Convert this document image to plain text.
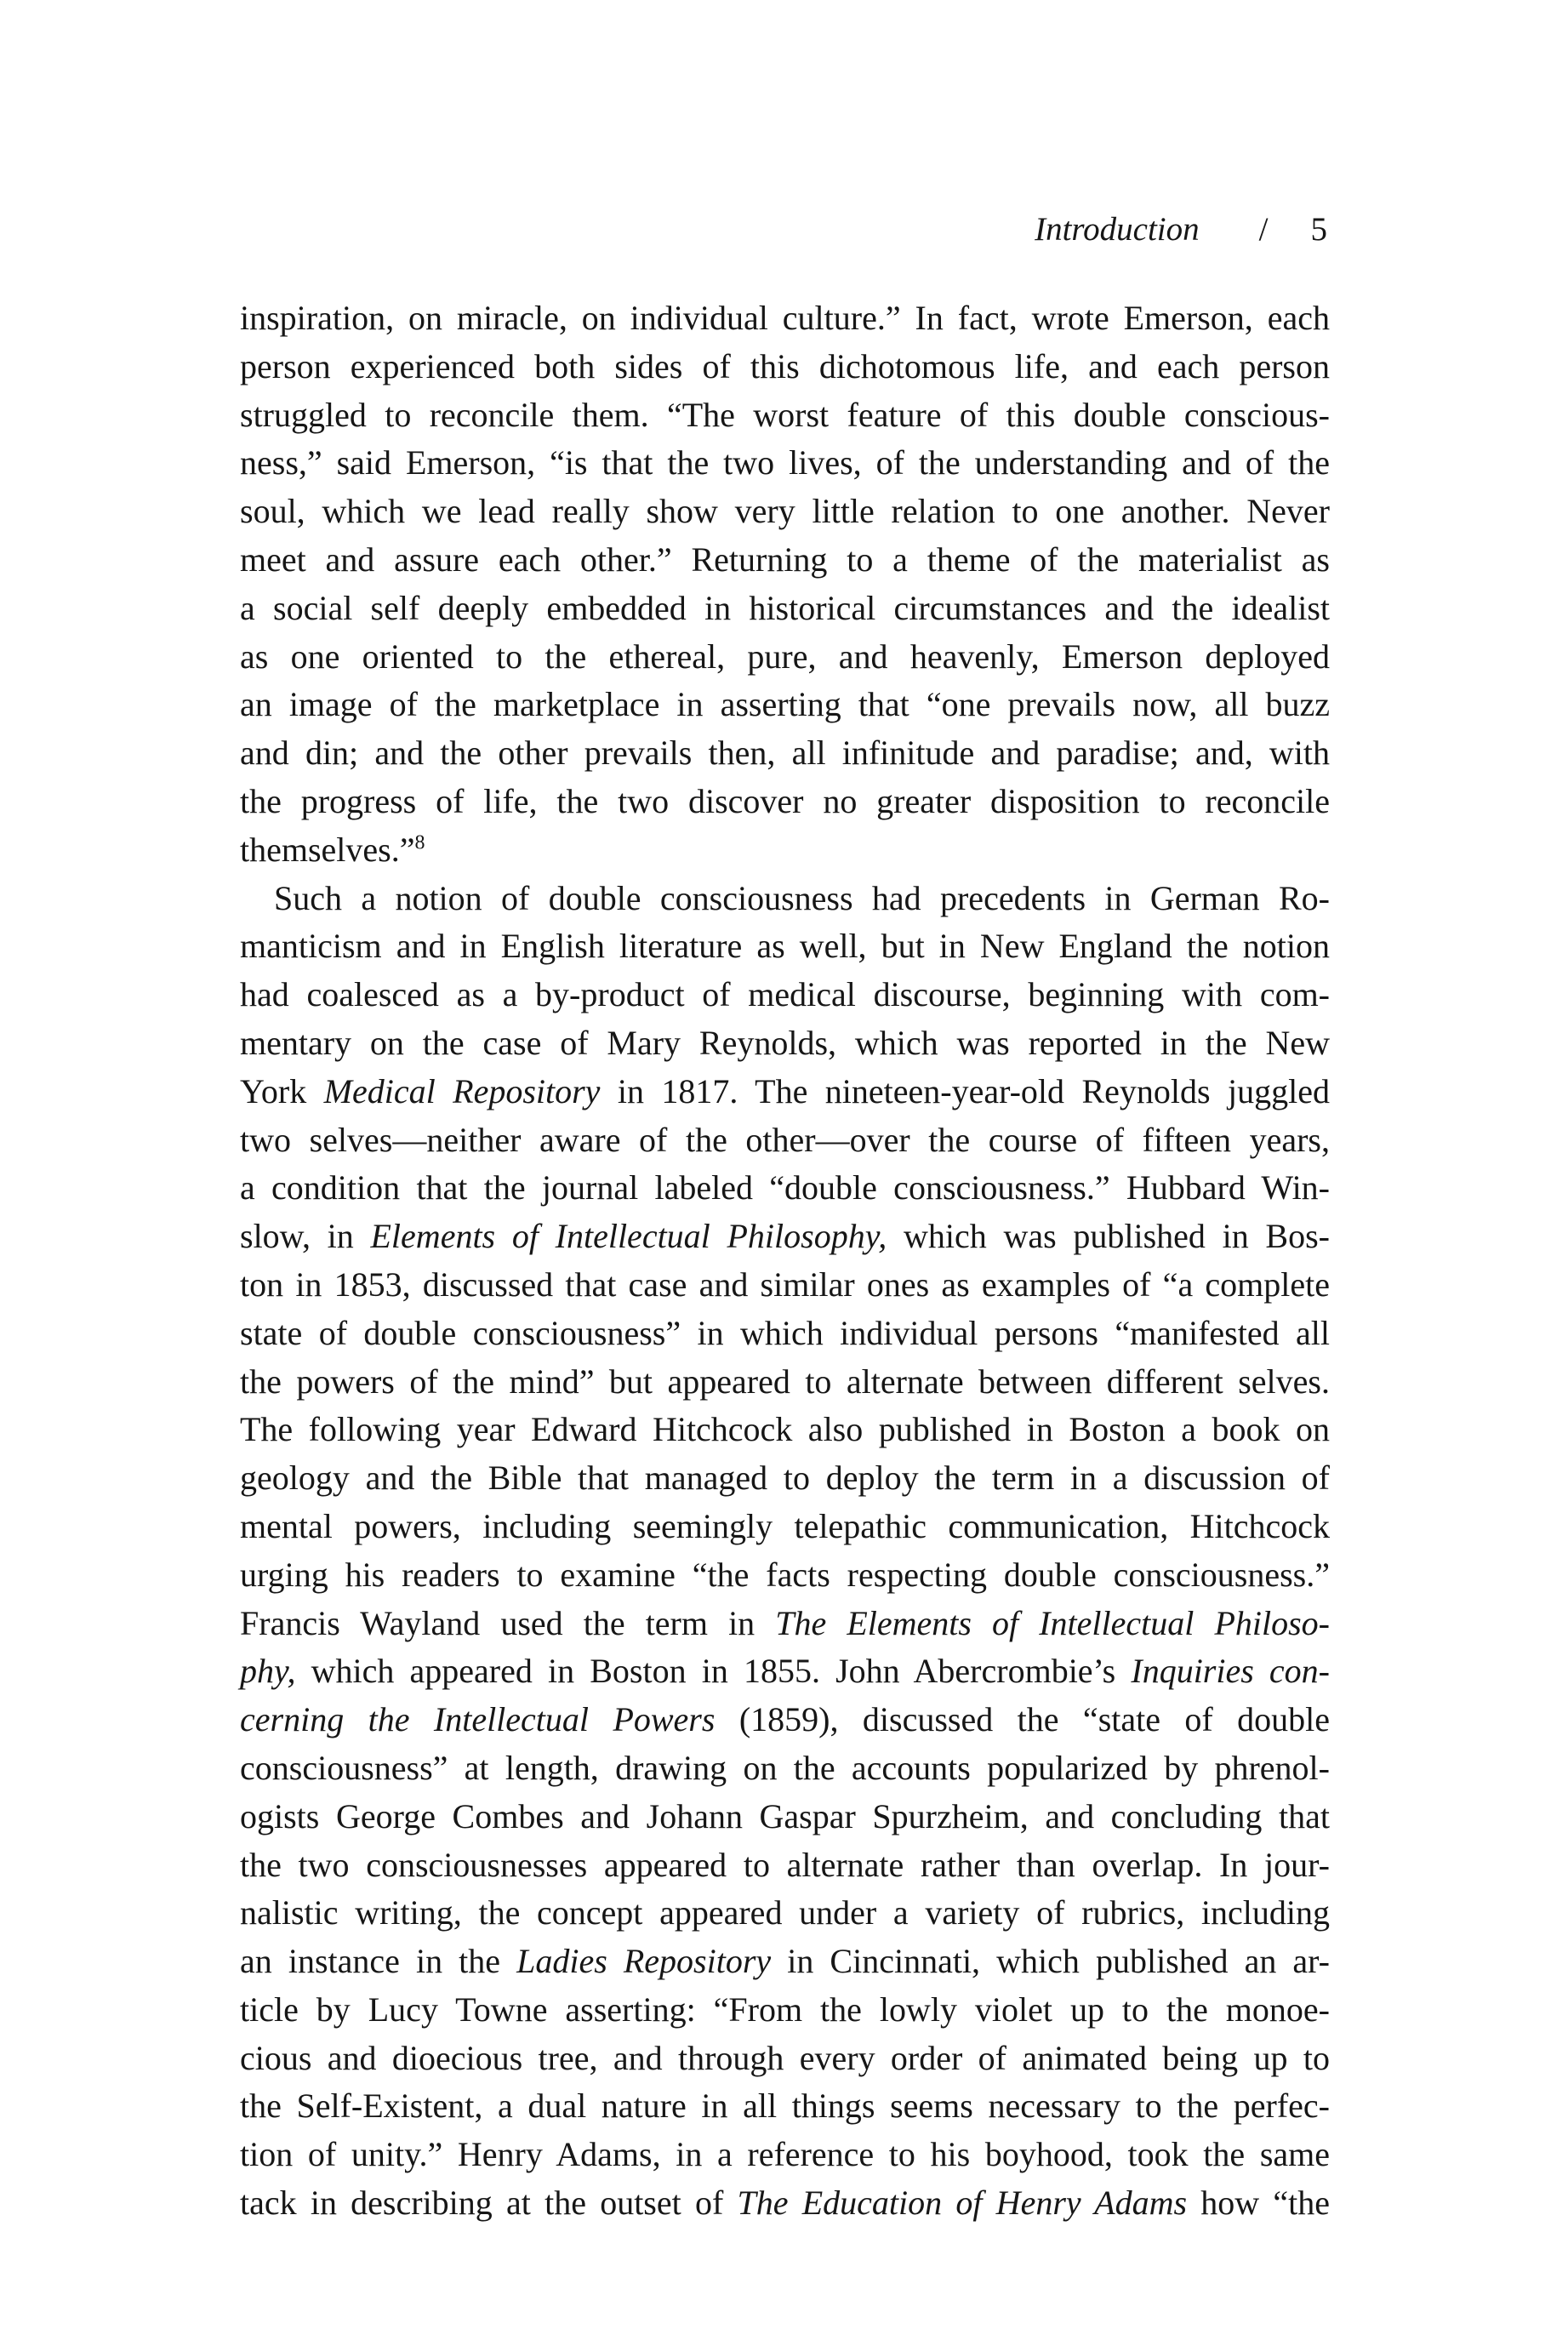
Introduction / 5

inspiration, on miracle, on individual culture.” In fact, wrote Emerson, each
person experienced both sides of this dichotomous life, and each person
struggled to reconcile them. “The worst feature of this double conscious-
ness,” said Emerson, “is that the two lives, of the understanding and of the
soul, which we lead really show very little relation to one another. Never
meet and assure each other.” Returning to a theme of the materialist as
a social self deeply embedded in historical circumstances and the idealist
as one oriented to the ethereal, pure, and heavenly, Emerson deployed
an image of the marketplace in asserting that “one prevails now, all buzz
and din; and the other prevails then, all infinitude and paradise; and, with
the progress of life, the two discover no greater disposition to reconcile
themselves.”$^8$

Such a notion of double consciousness had precedents in German Ro-
manticism and in English literature as well, but in New England the notion
had coalesced as a by-product of medical discourse, beginning with com-
mentary on the case of Mary Reynolds, which was reported in the New
York Medical Repository in 1817. The nineteen-year-old Reynolds juggled
two selves—neither aware of the other—over the course of fifteen years,
a condition that the journal labeled “double consciousness.” Hubbard Win-
slow, in Elements of Intellectual Philosophy, which was published in Bos-
ton in 1853, discussed that case and similar ones as examples of “a complete
state of double consciousness” in which individual persons “manifested all
the powers of the mind” but appeared to alternate between different selves.
The following year Edward Hitchcock also published in Boston a book on
geology and the Bible that managed to deploy the term in a discussion of
mental powers, including seemingly telepathic communication, Hitchcock
urging his readers to examine “the facts respecting double consciousness.”
Francis Wayland used the term in The Elements of Intellectual Philoso-
phy, which appeared in Boston in 1855. John Abercrombie’s Inquiries con-
cerning the Intellectual Powers (1859), discussed the “state of double
consciousness” at length, drawing on the accounts popularized by phrenol-
ogists George Combes and Johann Gaspar Spurzheim, and concluding that
the two consciousnesses appeared to alternate rather than overlap. In jour-
nalistic writing, the concept appeared under a variety of rubrics, including
an instance in the Ladies Repository in Cincinnati, which published an ar-
ticle by Lucy Towne asserting: “From the lowly violet up to the monoe-
cious and dioecious tree, and through every order of animated being up to
the Self-Existent, a dual nature in all things seems necessary to the perfec-
tion of unity.” Henry Adams, in a reference to his boyhood, took the same
tack in describing at the outset of The Education of Henry Adams how “the
